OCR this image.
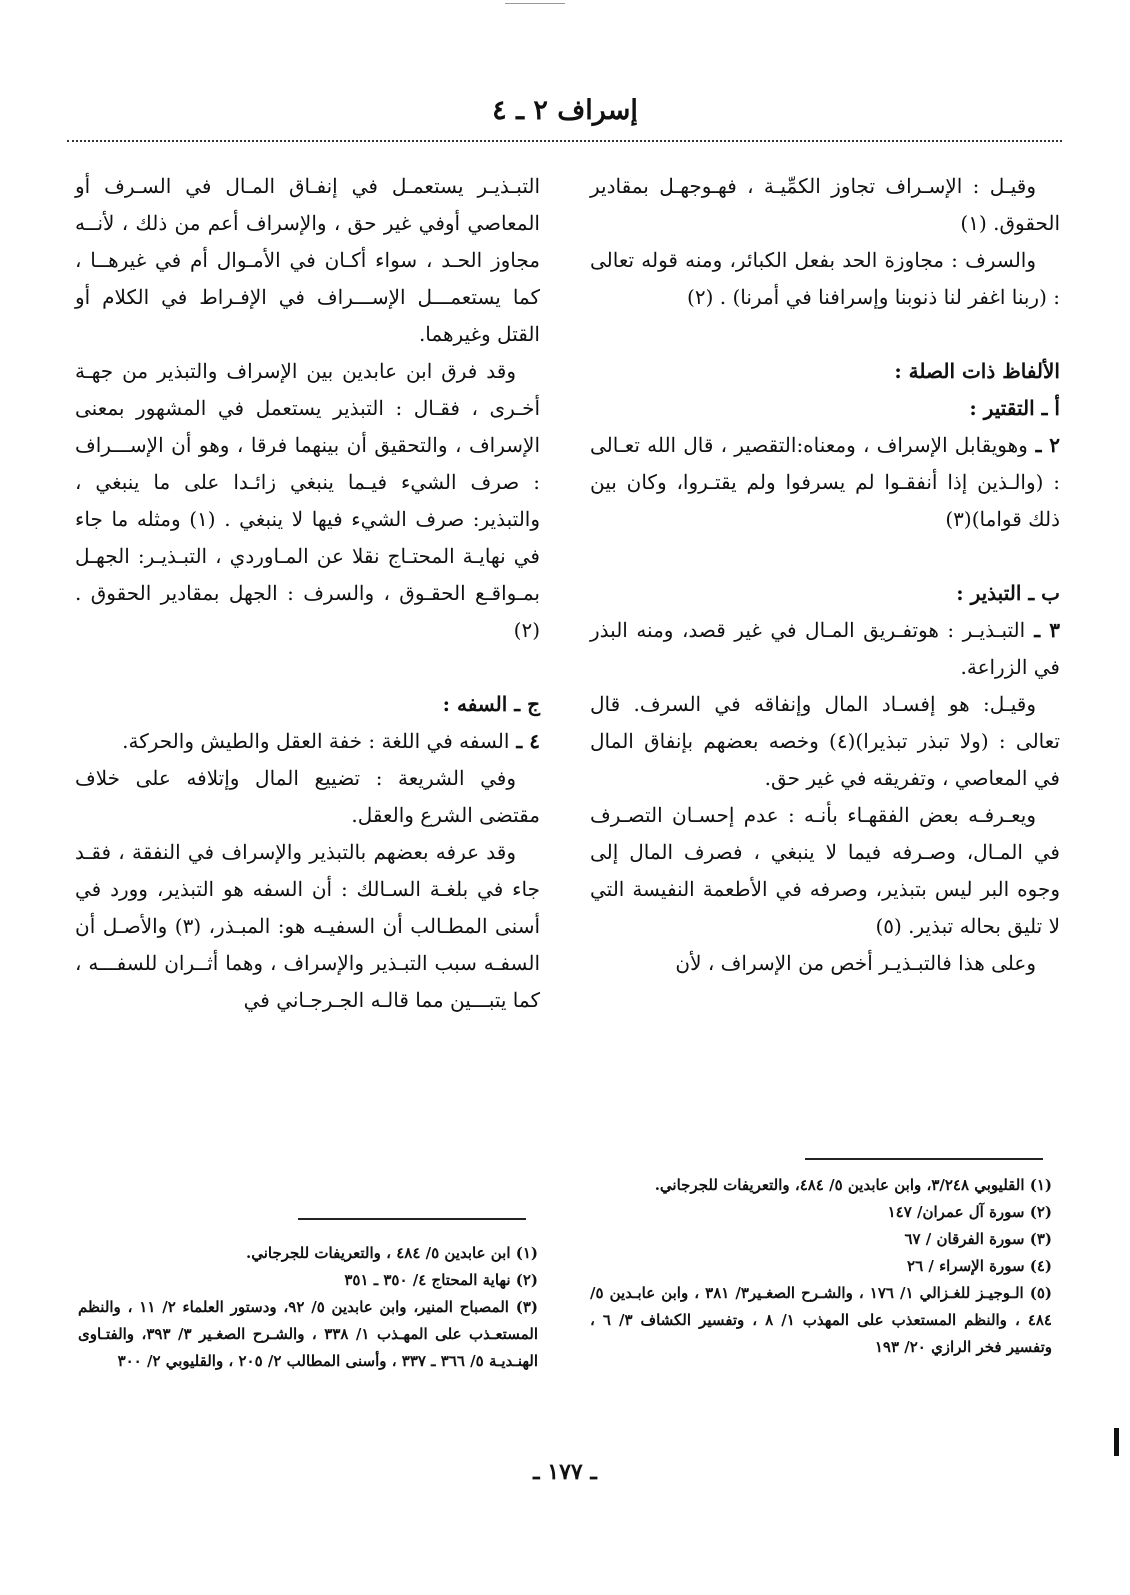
إسراف ٢ ـ ٤

وقيـل : الإسـراف تجاوز الكمِّيـة ، فهـوجهـل بمقادير الحقوق. (١)

والسرف : مجاوزة الحد بفعل الكبائر، ومنه قوله تعالى : (ربنا اغفر لنا ذنوبنا وإسرافنا في أمرنا) . (٢)

الألفاظ ذات الصلة :

أ ـ التقتير :

٢ ـ وهويقابل الإسراف ، ومعناه:التقصير ، قال الله تعـالى : (والـذين إذا أنفقـوا لم يسرفوا ولم يقتـروا، وكان بين ذلك قواما)(٣)

ب ـ التبذير :

٣ ـ التبـذيـر : هوتفـريق المـال في غير قصد، ومنه البذر في الزراعة.

وقيـل: هو إفسـاد المال وإنفاقه في السرف. قال تعالى : (ولا تبذر تبذيرا)(٤) وخصه بعضهم بإنفاق المال في المعاصي ، وتفريقه في غير حق.

ويعـرفـه بعض الفقهـاء بأنـه : عدم إحسـان التصـرف في المـال، وصـرفه فيما لا ينبغي ، فصرف المال إلى وجوه البر ليس بتبذير، وصرفه في الأطعمة النفيسة التي لا تليق بحاله تبذير. (٥)

وعلى هذا فالتبـذيـر أخص من الإسراف ، لأن

التبـذيـر يستعمـل في إنفـاق المـال في السـرف أو المعاصي أوفي غير حق ، والإسراف أعم من ذلك ، لأنــه مجاوز الحـد ، سواء أكـان في الأمـوال أم في غيرهــا ، كما يستعمـــل الإســـراف في الإفـراط في الكلام أو القتل وغيرهما.

وقد فرق ابن عابدين بين الإسراف والتبذير من جهـة أخـرى ، فقـال : التبذير يستعمل في المشهور بمعنى الإسراف ، والتحقيق أن بينهما فرقا ، وهو أن الإســـراف : صرف الشيء فيـما ينبغي زائـدا على ما ينبغي ، والتبذير: صرف الشيء فيها لا ينبغي . (١) ومثله ما جاء في نهايـة المحتـاج نقلا عن المـاوردي ، التبـذيـر: الجهـل بمـواقـع الحقـوق ، والسرف : الجهل بمقادير الحقوق . (٢)

ج ـ السفه :

٤ ـ السفه في اللغة : خفة العقل والطيش والحركة.

وفي الشريعة : تضييع المال وإتلافه على خلاف مقتضى الشرع والعقل.

وقد عرفه بعضهم بالتبذير والإسراف في النفقة ، فقـد جاء في بلغـة السـالك : أن السفه هو التبذير، وورد في أسنى المطـالب أن السفيـه هو: المبـذر، (٣) والأصـل أن السفـه سبب التبـذير والإسراف ، وهما أثــران للسفـــه ، كما يتبـــين مما قالـه الجـرجـاني في

(١) القليوبي ٣/٢٤٨، وابن عابدين ٥/ ٤٨٤، والتعريفات للجرجاني.
(٢) سورة آل عمران/ ١٤٧
(٣) سورة الفرقان / ٦٧
(٤) سورة الإسراء / ٢٦
(٥) الـوجيـز للغـزالي ١/ ١٧٦ ، والشـرح الصغـير٣/ ٣٨١ ، وابن عابـدين ٥/ ٤٨٤ ، والنظم المستعذب على المهذب ١/ ٨ ، وتفسير الكشاف ٣/ ٦ ، وتفسير فخر الرازي ٢٠/ ١٩٣
(١) ابن عابدين ٥/ ٤٨٤ ، والتعريفات للجرجاني.
(٢) نهاية المحتاج ٤/ ٣٥٠ ـ ٣٥١
(٣) المصباح المنير، وابن عابدين ٥/ ٩٢، ودستور العلماء ٢/ ١١ ، والنظم المستعـذب على المهـذب ١/ ٣٣٨ ، والشـرح الصغـير ٣/ ٣٩٣، والفتـاوى الهنـديـة ٥/ ٣٦٦ ـ ٣٣٧ ، وأسنى المطالب ٢/ ٢٠٥ ، والقليوبي ٢/ ٣٠٠
ـ ١٧٧ ـ
